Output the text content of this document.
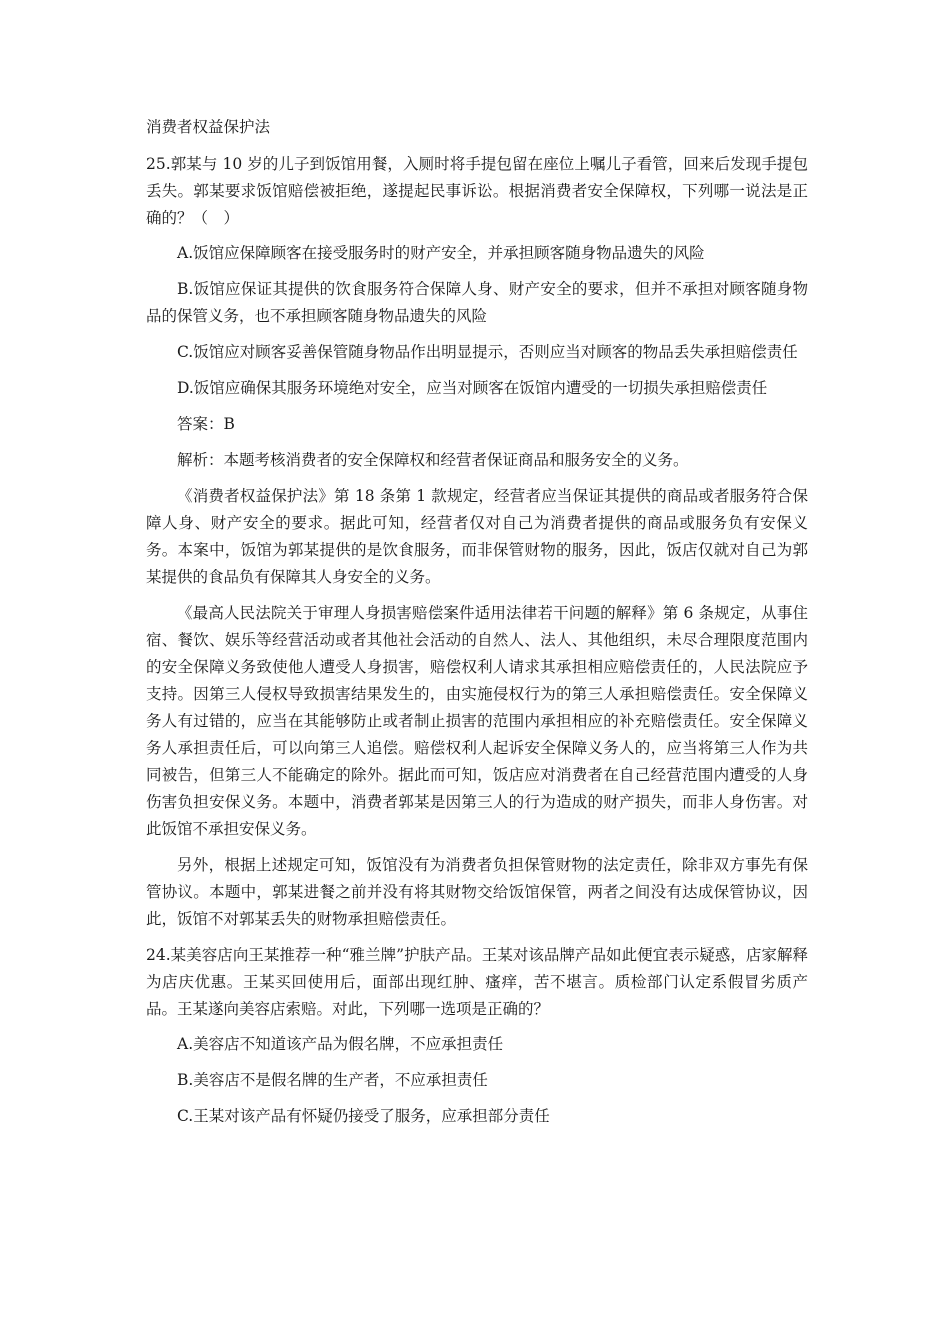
消费者权益保护法

25.郭某与 10 岁的儿子到饭馆用餐，入厕时将手提包留在座位上嘱儿子看管，回来后发现手提包丢失。郭某要求饭馆赔偿被拒绝，遂提起民事诉讼。根据消费者安全保障权，下列哪一说法是正确的？（　）

A.饭馆应保障顾客在接受服务时的财产安全，并承担顾客随身物品遗失的风险

B.饭馆应保证其提供的饮食服务符合保障人身、财产安全的要求，但并不承担对顾客随身物品的保管义务，也不承担顾客随身物品遗失的风险

C.饭馆应对顾客妥善保管随身物品作出明显提示，否则应当对顾客的物品丢失承担赔偿责任

D.饭馆应确保其服务环境绝对安全，应当对顾客在饭馆内遭受的一切损失承担赔偿责任

答案：B

解析：本题考核消费者的安全保障权和经营者保证商品和服务安全的义务。

《消费者权益保护法》第 18 条第 1 款规定，经营者应当保证其提供的商品或者服务符合保障人身、财产安全的要求。据此可知，经营者仅对自己为消费者提供的商品或服务负有安保义务。本案中，饭馆为郭某提供的是饮食服务，而非保管财物的服务，因此，饭店仅就对自己为郭某提供的食品负有保障其人身安全的义务。

《最高人民法院关于审理人身损害赔偿案件适用法律若干问题的解释》第 6 条规定，从事住宿、餐饮、娱乐等经营活动或者其他社会活动的自然人、法人、其他组织，未尽合理限度范围内的安全保障义务致使他人遭受人身损害，赔偿权利人请求其承担相应赔偿责任的，人民法院应予支持。因第三人侵权导致损害结果发生的，由实施侵权行为的第三人承担赔偿责任。安全保障义务人有过错的，应当在其能够防止或者制止损害的范围内承担相应的补充赔偿责任。安全保障义务人承担责任后，可以向第三人追偿。赔偿权利人起诉安全保障义务人的，应当将第三人作为共同被告，但第三人不能确定的除外。据此而可知，饭店应对消费者在自己经营范围内遭受的人身伤害负担安保义务。本题中，消费者郭某是因第三人的行为造成的财产损失，而非人身伤害。对此饭馆不承担安保义务。

另外，根据上述规定可知，饭馆没有为消费者负担保管财物的法定责任，除非双方事先有保管协议。本题中，郭某进餐之前并没有将其财物交给饭馆保管，两者之间没有达成保管协议，因此，饭馆不对郭某丢失的财物承担赔偿责任。

24.某美容店向王某推荐一种“雅兰牌”护肤产品。王某对该品牌产品如此便宜表示疑惑，店家解释为店庆优惠。王某买回使用后，面部出现红肿、瘙痒，苦不堪言。质检部门认定系假冒劣质产品。王某遂向美容店索赔。对此，下列哪一选项是正确的？

A.美容店不知道该产品为假名牌，不应承担责任

B.美容店不是假名牌的生产者，不应承担责任

C.王某对该产品有怀疑仍接受了服务，应承担部分责任
